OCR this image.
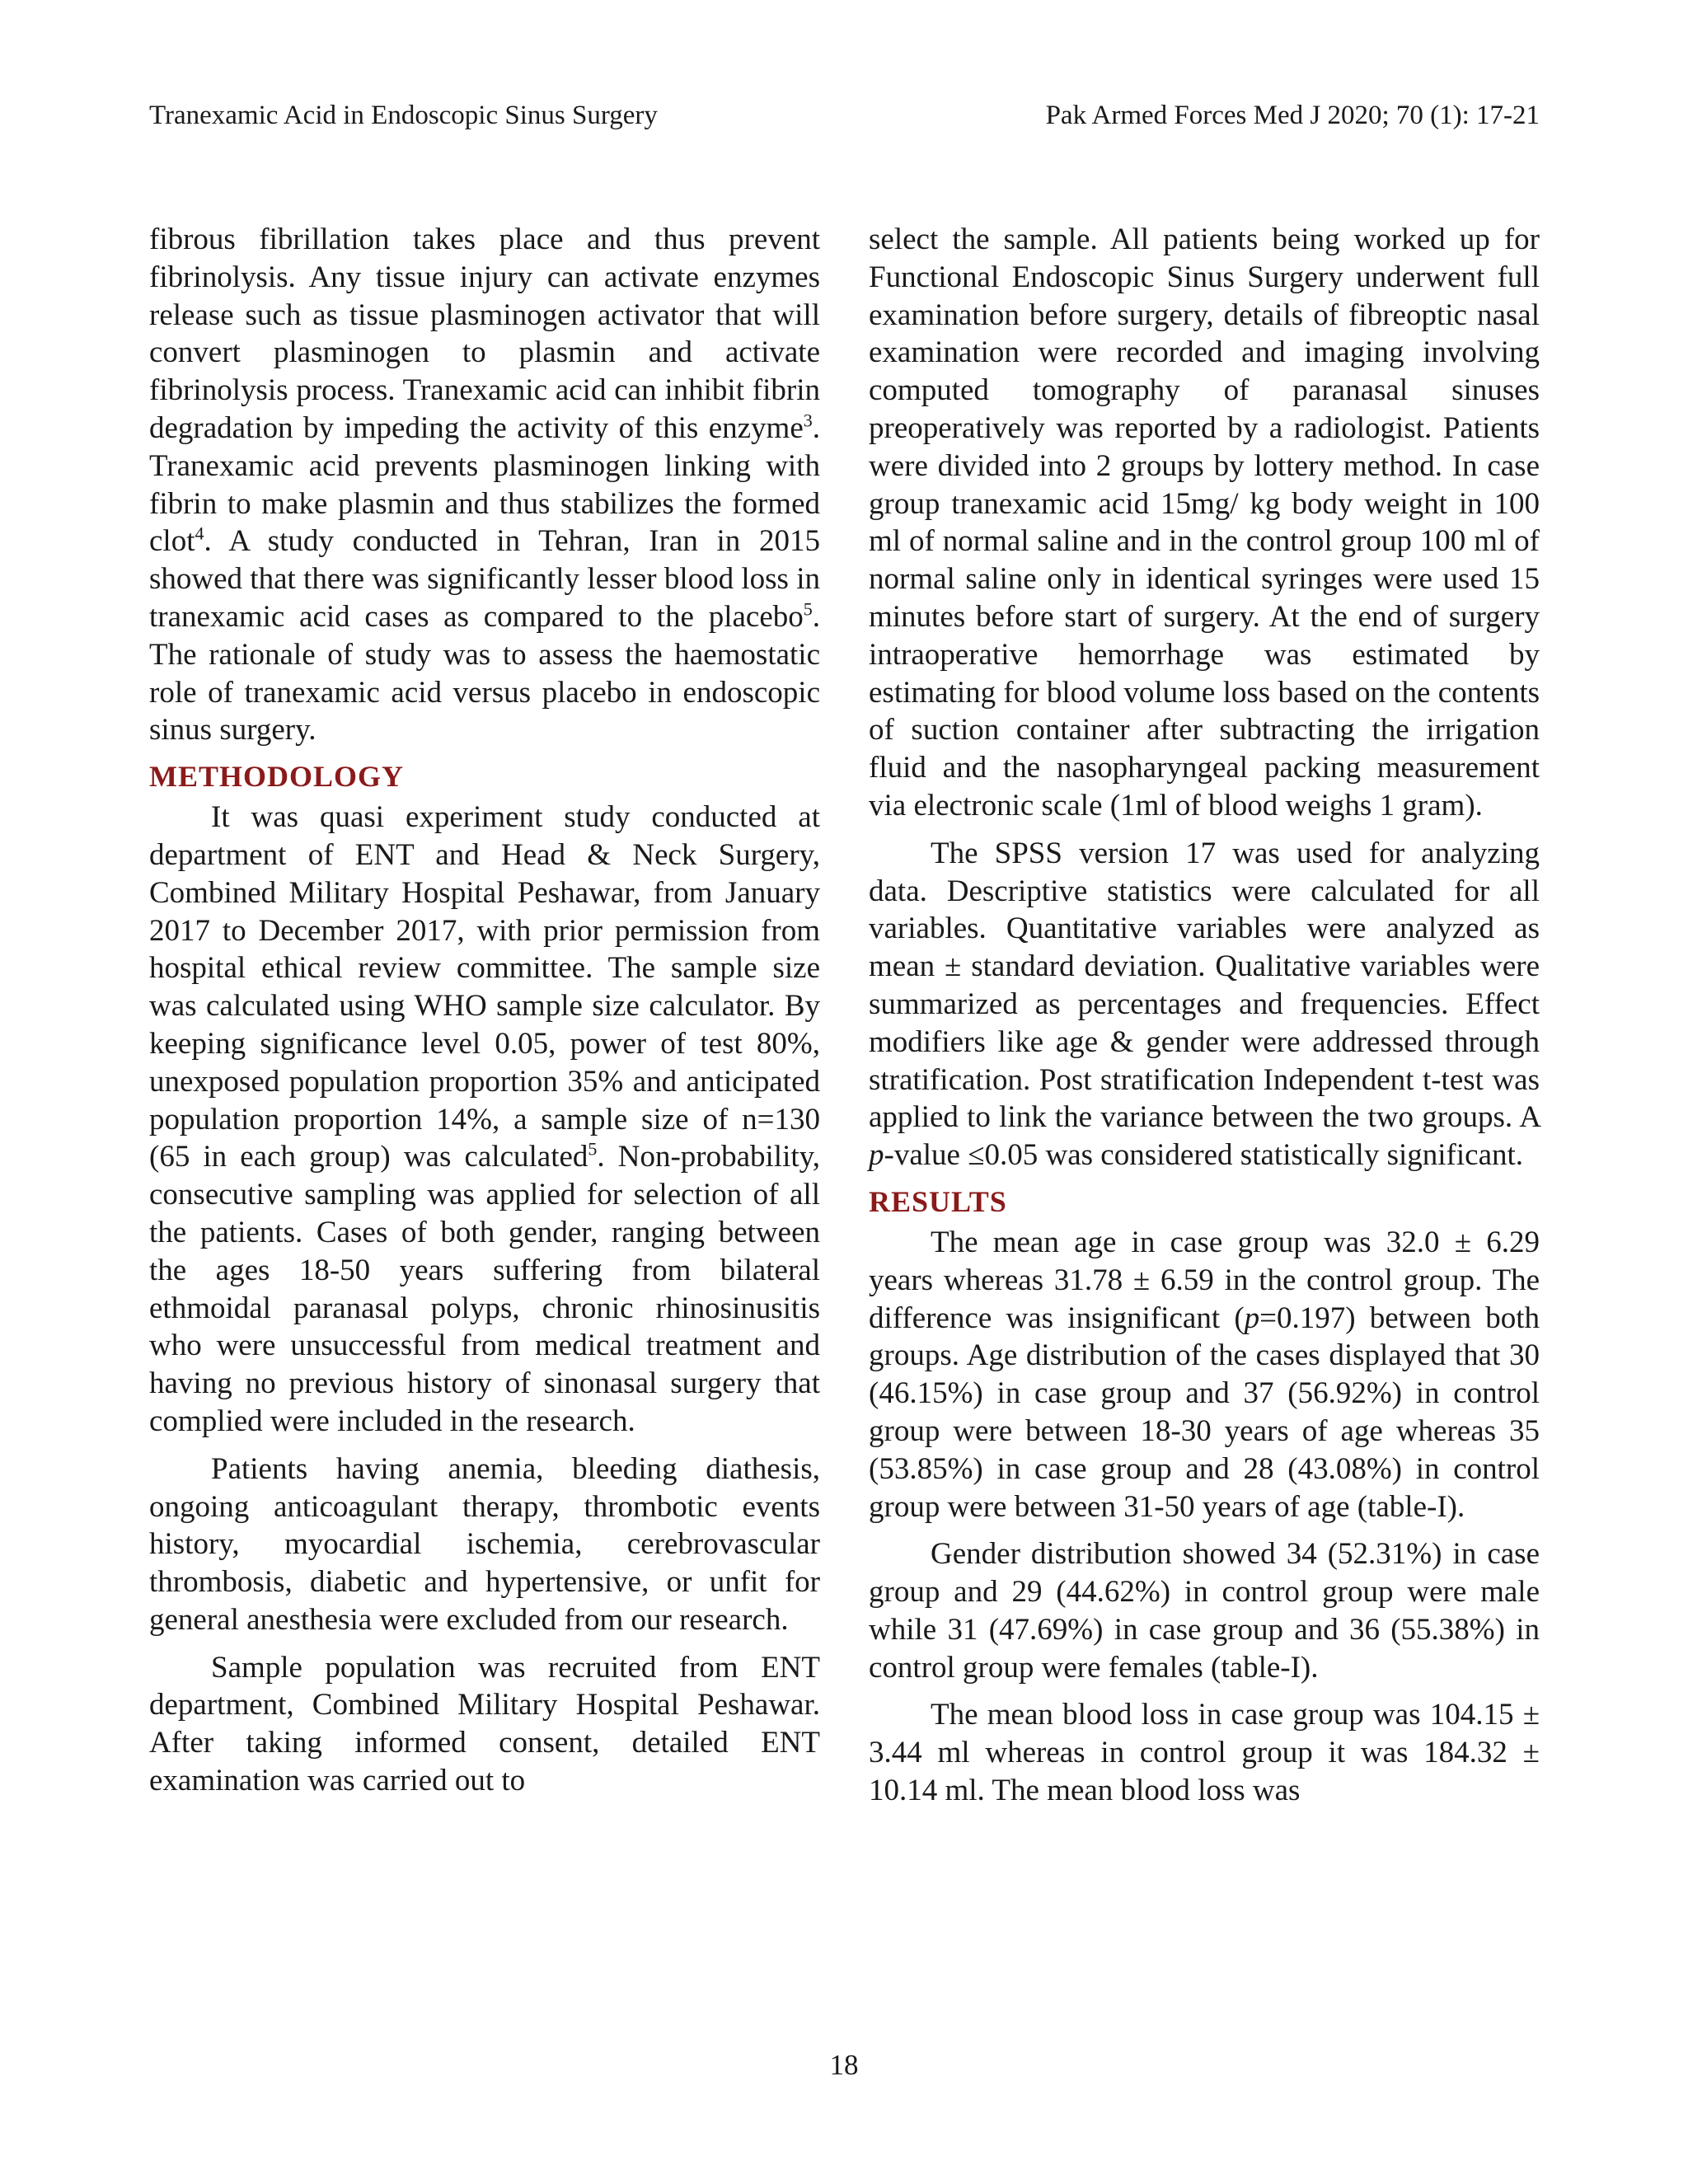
Tranexamic Acid in Endoscopic Sinus Surgery	Pak Armed Forces Med J 2020; 70 (1): 17-21

fibrous fibrillation takes place and thus prevent fibrinolysis. Any tissue injury can activate enzymes release such as tissue plasminogen activator that will convert plasminogen to plasmin and activate fibrinolysis process. Tranexamic acid can inhibit fibrin degradation by impeding the activity of this enzyme$^3$. Tranexamic acid prevents plasminogen linking with fibrin to make plasmin and thus stabilizes the formed clot$^4$. A study conducted in Tehran, Iran in 2015 showed that there was significantly lesser blood loss in tranexamic acid cases as compared to the placebo$^5$. The rationale of study was to assess the haemostatic role of tranexamic acid versus placebo in endoscopic sinus surgery.

METHODOLOGY

It was quasi experiment study conducted at department of ENT and Head & Neck Surgery, Combined Military Hospital Peshawar, from January 2017 to December 2017, with prior permission from hospital ethical review committee. The sample size was calculated using WHO sample size calculator. By keeping significance level 0.05, power of test 80%, unexposed population proportion 35% and anticipated population proportion 14%, a sample size of n=130 (65 in each group) was calculated$^5$. Non-probability, consecutive sampling was applied for selection of all the patients. Cases of both gender, ranging between the ages 18-50 years suffering from bilateral ethmoidal paranasal polyps, chronic rhinosinusitis who were unsuccessful from medical treatment and having no previous history of sinonasal surgery that complied were included in the research.

Patients having anemia, bleeding diathesis, ongoing anticoagulant therapy, thrombotic events history, myocardial ischemia, cerebrovascular thrombosis, diabetic and hypertensive, or unfit for general anesthesia were excluded from our research.

Sample population was recruited from ENT department, Combined Military Hospital Peshawar. After taking informed consent, detailed ENT examination was carried out to

select the sample. All patients being worked up for Functional Endoscopic Sinus Surgery underwent full examination before surgery, details of fibreoptic nasal examination were recorded and imaging involving computed tomography of paranasal sinuses preoperatively was reported by a radiologist. Patients were divided into 2 groups by lottery method. In case group tranexamic acid 15mg/ kg body weight in 100 ml of normal saline and in the control group 100 ml of normal saline only in identical syringes were used 15 minutes before start of surgery. At the end of surgery intraoperative hemorrhage was estimated by estimating for blood volume loss based on the contents of suction container after subtracting the irrigation fluid and the nasopharyngeal packing measurement via electronic scale (1ml of blood weighs 1 gram).

The SPSS version 17 was used for analyzing data. Descriptive statistics were calculated for all variables. Quantitative variables were analyzed as mean ± standard deviation. Qualitative variables were summarized as percentages and frequencies. Effect modifiers like age & gender were addressed through stratification. Post stratification Independent t-test was applied to link the variance between the two groups. A p-value ≤0.05 was considered statistically significant.

RESULTS

The mean age in case group was 32.0 ± 6.29 years whereas 31.78 ± 6.59 in the control group. The difference was insignificant (p=0.197) between both groups. Age distribution of the cases displayed that 30 (46.15%) in case group and 37 (56.92%) in control group were between 18-30 years of age whereas 35 (53.85%) in case group and 28 (43.08%) in control group were between 31-50 years of age (table-I).

Gender distribution showed 34 (52.31%) in case group and 29 (44.62%) in control group were male while 31 (47.69%) in case group and 36 (55.38%) in control group were females (table-I).

The mean blood loss in case group was 104.15 ± 3.44 ml whereas in control group it was 184.32 ± 10.14 ml. The mean blood loss was

18
